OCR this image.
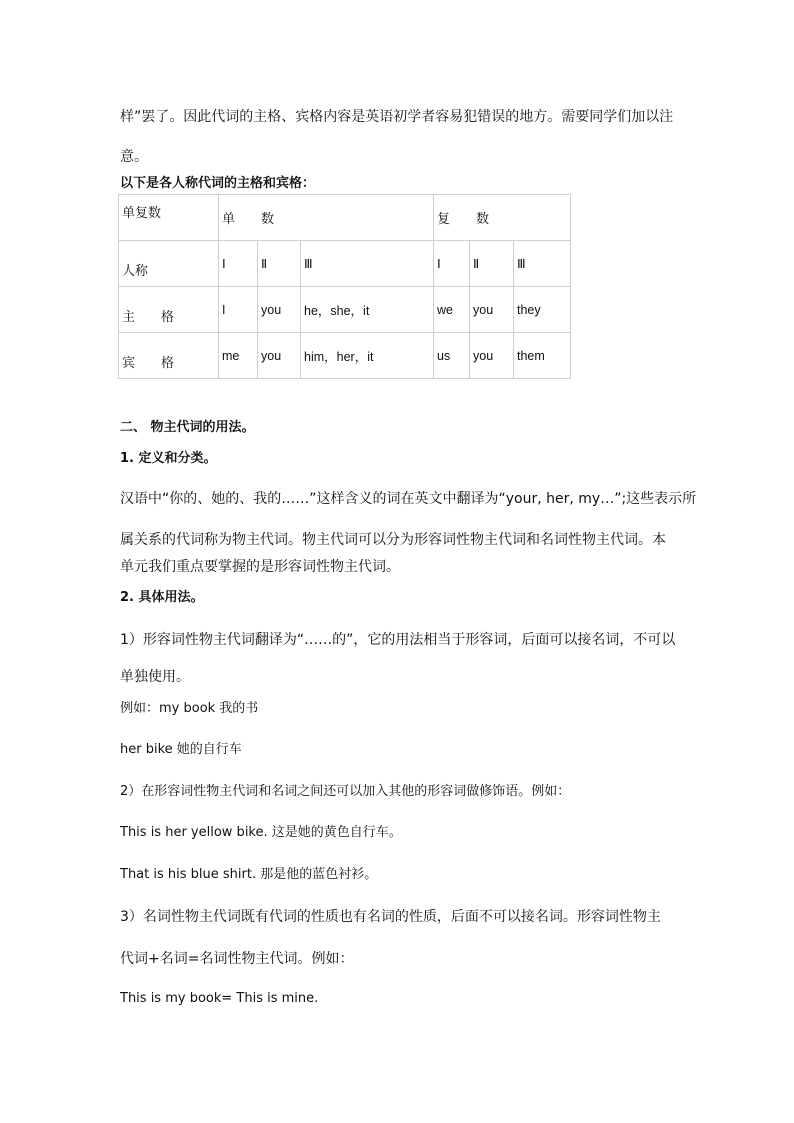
样”罢了。因此代词的主格、宾格内容是英语初学者容易犯错误的地方。需要同学们加以注
意。
以下是各人称代词的主格和宾格：
单复数	单　　数			复　　数		
人称	Ⅰ	Ⅱ	Ⅲ	Ⅰ	Ⅱ	Ⅲ
主　　格	I	you	he，she，it	we	you	they
宾　　格	me	you	him，her，it	us	you	them
二、 物主代词的用法。
1. 定义和分类。
汉语中“你的、她的、我的……”这样含义的词在英文中翻译为“your, her, my…”;这些表示所
属关系的代词称为物主代词。物主代词可以分为形容词性物主代词和名词性物主代词。本
单元我们重点要掌握的是形容词性物主代词。
2. 具体用法。
1）形容词性物主代词翻译为“……的”，它的用法相当于形容词，后面可以接名词，不可以
单独使用。
例如：my book 我的书
her bike 她的自行车
2）在形容词性物主代词和名词之间还可以加入其他的形容词做修饰语。例如：
This is her yellow bike. 这是她的黄色自行车。
That is his blue shirt. 那是他的蓝色衬衫。
3）名词性物主代词既有代词的性质也有名词的性质，后面不可以接名词。形容词性物主
代词+名词=名词性物主代词。例如：
This is my book= This is mine.
